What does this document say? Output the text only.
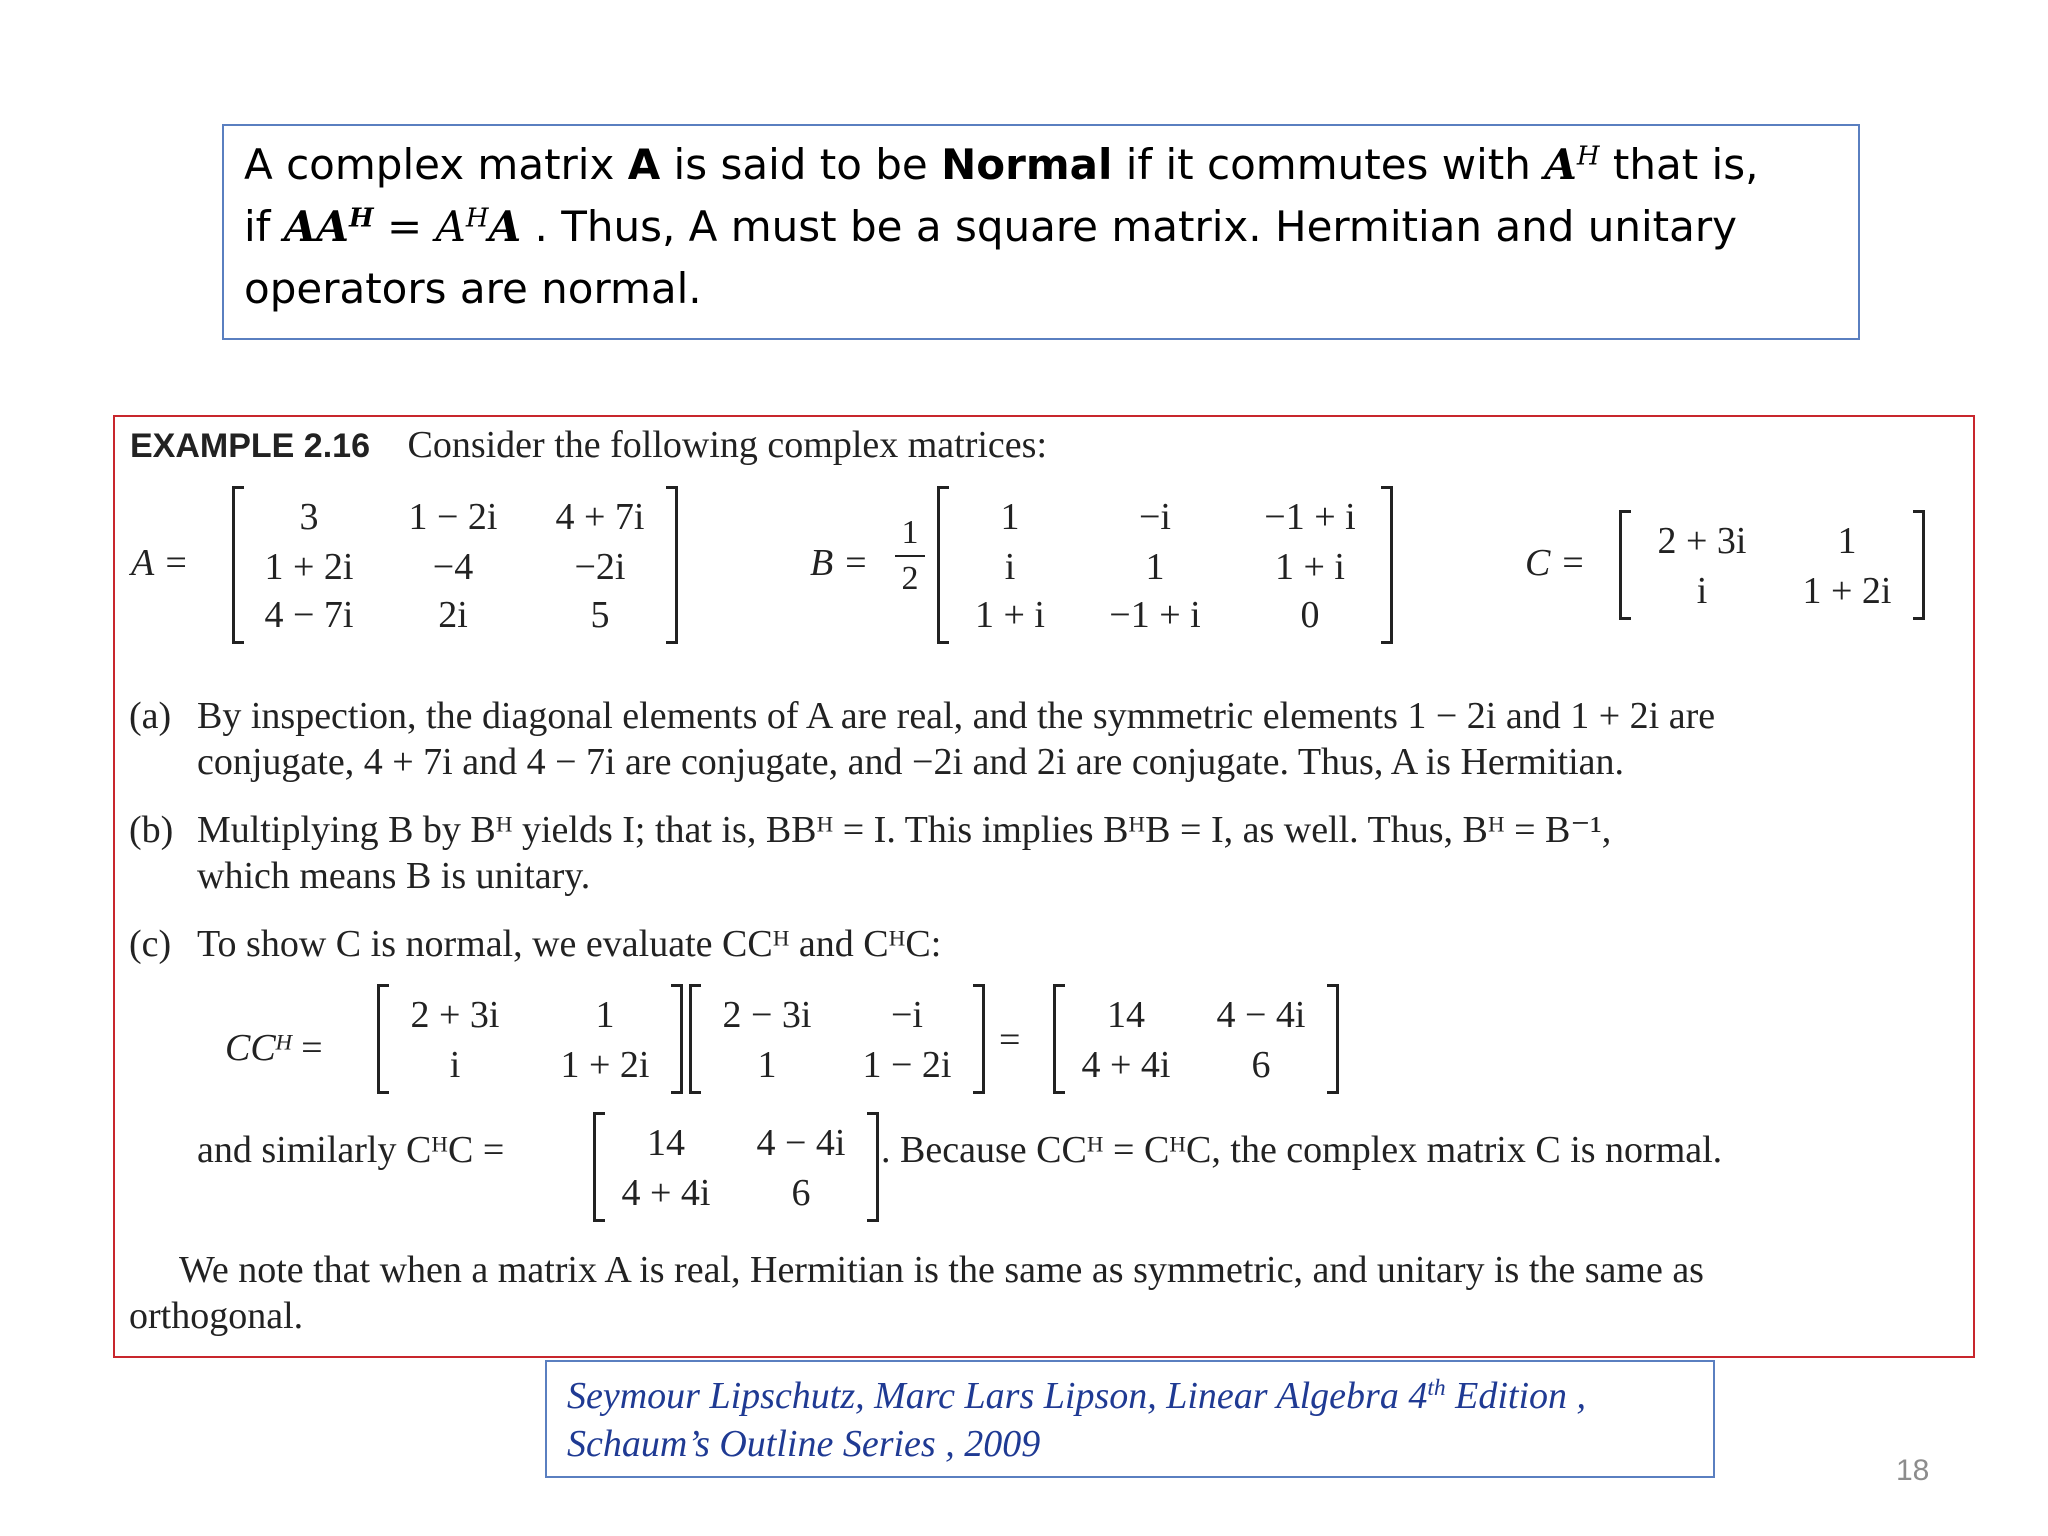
A complex matrix A is said to be Normal if it commutes with $A^H$ that is,
if $AA^H = A^HA$ . Thus, A must be a square matrix. Hermitian and unitary
operators are normal.
EXAMPLE 2.16 Consider the following complex matrices:
A =
3	1 − 2i	4 + 7i
1 + 2i	−4	−2i
4 − 7i	2i	5
B =
1
2
1	−i	−1 + i
i	1	1 + i
1 + i	−1 + i	0
C =
2 + 3i	1
i	1 + 2i
(a) By inspection, the diagonal elements of A are real, and the symmetric elements 1 − 2i and 1 + 2i are
conjugate, 4 + 7i and 4 − 7i are conjugate, and −2i and 2i are conjugate. Thus, A is Hermitian.
(b) Multiplying B by Bᴴ yields I; that is, BBᴴ = I. This implies BᴴB = I, as well. Thus, Bᴴ = B⁻¹,
which means B is unitary.
(c) To show C is normal, we evaluate CCᴴ and CᴴC:
CCᴴ =
2 + 3i	1
i	1 + 2i
2 − 3i	−i
1	1 − 2i
=
14	4 − 4i
4 + 4i	6
and similarly CᴴC =	14	4 − 4i
4 + 4i	6
. Because CCᴴ = CᴴC, the complex matrix C is normal.
We note that when a matrix A is real, Hermitian is the same as symmetric, and unitary is the same as
orthogonal.
Seymour Lipschutz, Marc Lars Lipson, Linear Algebra 4th Edition ,
Schaum’s Outline Series , 2009
18
